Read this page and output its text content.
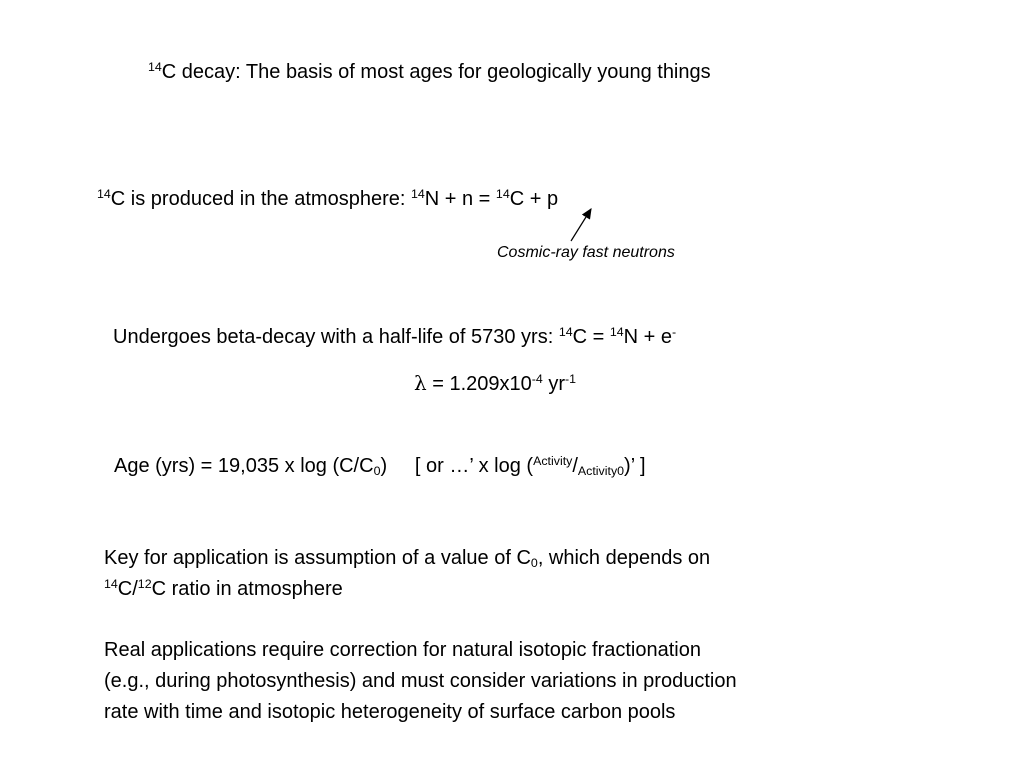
$^{14}$C decay: The basis of most ages for geologically young things
$^{14}$C is produced in the atmosphere: $^{14}$N + n = $^{14}$C + p
Cosmic-ray fast neutrons
Undergoes beta-decay with a half-life of 5730 yrs: $^{14}$C = $^{14}$N + e-
$\lambda = 1.209x10^{-4}$ $yr^{-1}$
Age (yrs) = 19,035 x $\log (C/C_0)$     [ or …’ x $\log (^{Activity}/_{Activity0})$’ ]
Key for application is assumption of a value of $C_0$, which depends on
$^{14}$C/$^{12}$C ratio in atmosphere
Real applications require correction for natural isotopic fractionation
(e.g., during photosynthesis) and must consider variations in production
rate with time and isotopic heterogeneity of surface carbon pools
